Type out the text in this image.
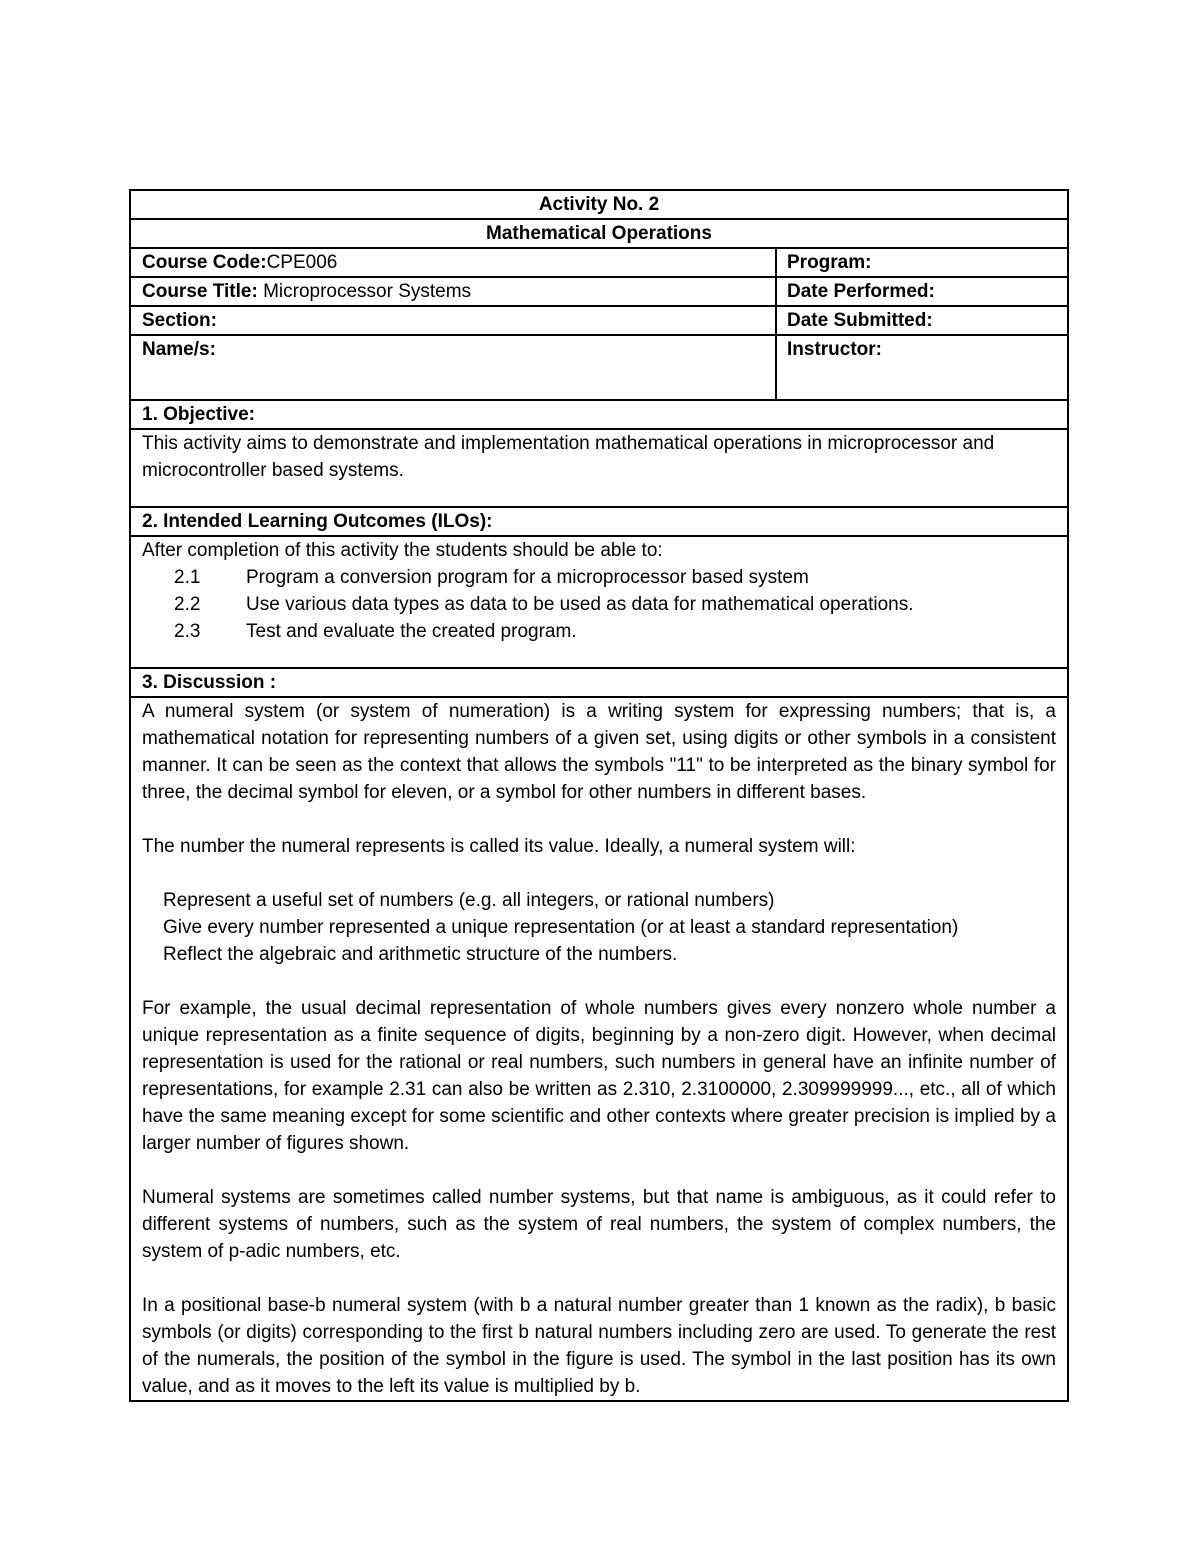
Activity No. 2
Mathematical Operations
Course Code:CPE006	Program:
Course Title: Microprocessor Systems	Date Performed:
Section:	Date Submitted:
Name/s:	Instructor:
1. Objective:
This activity aims to demonstrate and implementation mathematical operations in microprocessor and microcontroller based systems.
2. Intended Learning Outcomes (ILOs):
After completion of this activity the students should be able to:
2.1	Program a conversion program for a microprocessor based system
2.2	Use various data types as data to be used as data for mathematical operations.
2.3	Test and evaluate the created program.
3. Discussion :
A numeral system (or system of numeration) is a writing system for expressing numbers; that is, a mathematical notation for representing numbers of a given set, using digits or other symbols in a consistent manner. It can be seen as the context that allows the symbols "11" to be interpreted as the binary symbol for three, the decimal symbol for eleven, or a symbol for other numbers in different bases.
The number the numeral represents is called its value. Ideally, a numeral system will:
Represent a useful set of numbers (e.g. all integers, or rational numbers)
Give every number represented a unique representation (or at least a standard representation)
Reflect the algebraic and arithmetic structure of the numbers.
For example, the usual decimal representation of whole numbers gives every nonzero whole number a unique representation as a finite sequence of digits, beginning by a non-zero digit. However, when decimal representation is used for the rational or real numbers, such numbers in general have an infinite number of representations, for example 2.31 can also be written as 2.310, 2.3100000, 2.309999999..., etc., all of which have the same meaning except for some scientific and other contexts where greater precision is implied by a larger number of figures shown.
Numeral systems are sometimes called number systems, but that name is ambiguous, as it could refer to different systems of numbers, such as the system of real numbers, the system of complex numbers, the system of p-adic numbers, etc.
In a positional base-b numeral system (with b a natural number greater than 1 known as the radix), b basic symbols (or digits) corresponding to the first b natural numbers including zero are used. To generate the rest of the numerals, the position of the symbol in the figure is used. The symbol in the last position has its own value, and as it moves to the left its value is multiplied by b.
